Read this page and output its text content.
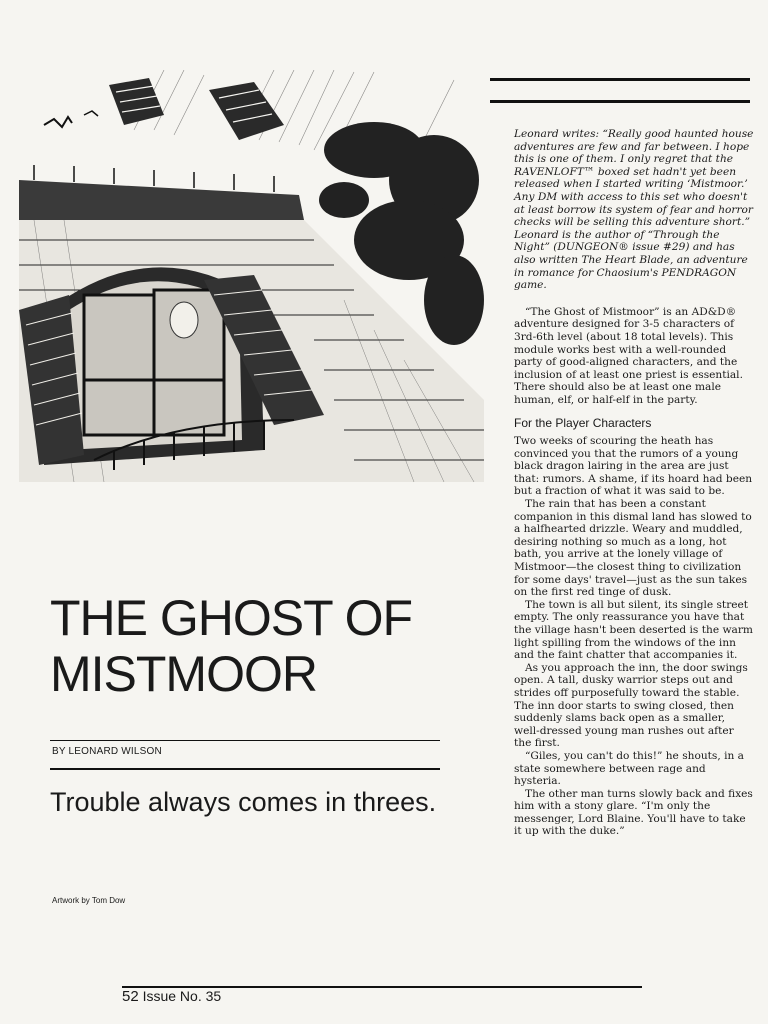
THE GHOST OF MISTMOOR
BY LEONARD WILSON
Trouble always comes in threes.
Artwork by Tom Dow

Leonard writes: “Really good haunted house adventures are few and far between. I hope this is one of them. I only regret that the RAVENLOFT™ boxed set hadn't yet been released when I started writing ‘Mistmoor.’ Any DM with access to this set who doesn't at least borrow its system of fear and horror checks will be selling this adventure short.” Leonard is the author of “Through the Night” (DUNGEON® issue #29) and has also written The Heart Blade, an adventure in romance for Chaosium's PENDRAGON game.

“The Ghost of Mistmoor” is an AD&D® adventure designed for 3-5 characters of 3rd-6th level (about 18 total levels). This module works best with a well-rounded party of good-aligned characters, and the inclusion of at least one priest is essential. There should also be at least one male human, elf, or half-elf in the party.

For the Player Characters

Two weeks of scouring the heath has convinced you that the rumors of a young black dragon lairing in the area are just that: rumors. A shame, if its hoard had been but a fraction of what it was said to be.

The rain that has been a constant companion in this dismal land has slowed to a halfhearted drizzle. Weary and muddled, desiring nothing so much as a long, hot bath, you arrive at the lonely village of Mistmoor—the closest thing to civilization for some days' travel—just as the sun takes on the first red tinge of dusk.

The town is all but silent, its single street empty. The only reassurance you have that the village hasn't been deserted is the warm light spilling from the windows of the inn and the faint chatter that accompanies it.

As you approach the inn, the door swings open. A tall, dusky warrior steps out and strides off purposefully toward the stable. The inn door starts to swing closed, then suddenly slams back open as a smaller, well-dressed young man rushes out after the first.

“Giles, you can't do this!” he shouts, in a state somewhere between rage and hysteria.

The other man turns slowly back and fixes him with a stony glare. “I'm only the messenger, Lord Blaine. You'll have to take it up with the duke.”

52 Issue No. 35
